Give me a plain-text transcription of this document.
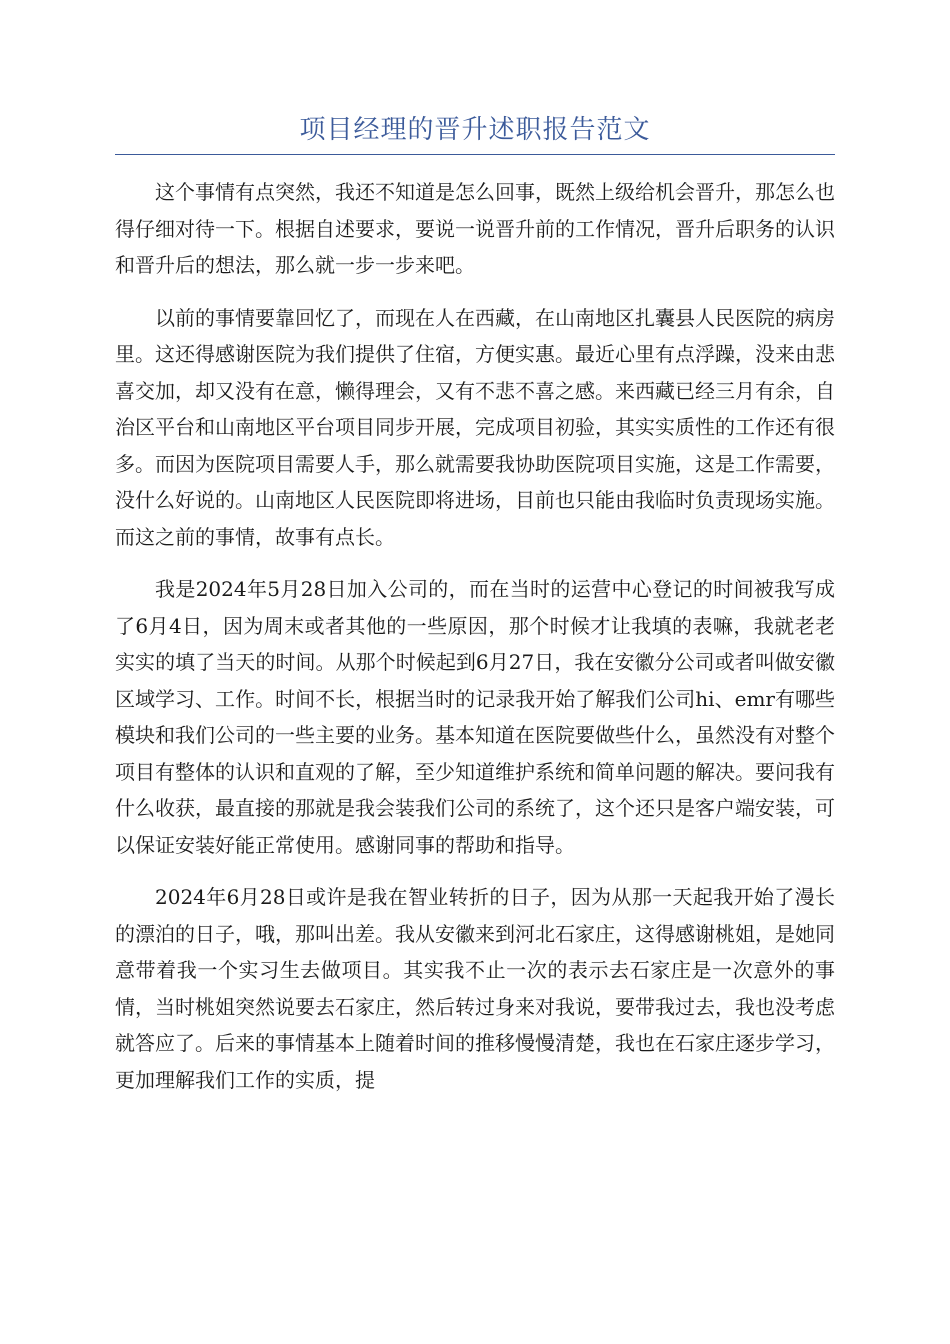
项目经理的晋升述职报告范文

这个事情有点突然，我还不知道是怎么回事，既然上级给机会晋升，那怎么也得仔细对待一下。根据自述要求，要说一说晋升前的工作情况，晋升后职务的认识和晋升后的想法，那么就一步一步来吧。

以前的事情要靠回忆了，而现在人在西藏，在山南地区扎囊县人民医院的病房里。这还得感谢医院为我们提供了住宿，方便实惠。最近心里有点浮躁，没来由悲喜交加，却又没有在意，懒得理会，又有不悲不喜之感。来西藏已经三月有余，自治区平台和山南地区平台项目同步开展，完成项目初验，其实实质性的工作还有很多。而因为医院项目需要人手，那么就需要我协助医院项目实施，这是工作需要，没什么好说的。山南地区人民医院即将进场，目前也只能由我临时负责现场实施。而这之前的事情，故事有点长。

我是2024年5月28日加入公司的，而在当时的运营中心登记的时间被我写成了6月4日，因为周末或者其他的一些原因，那个时候才让我填的表嘛，我就老老实实的填了当天的时间。从那个时候起到6月27日，我在安徽分公司或者叫做安徽区域学习、工作。时间不长，根据当时的记录我开始了解我们公司hi、emr有哪些模块和我们公司的一些主要的业务。基本知道在医院要做些什么，虽然没有对整个项目有整体的认识和直观的了解，至少知道维护系统和简单问题的解决。要问我有什么收获，最直接的那就是我会装我们公司的系统了，这个还只是客户端安装，可以保证安装好能正常使用。感谢同事的帮助和指导。

2024年6月28日或许是我在智业转折的日子，因为从那一天起我开始了漫长的漂泊的日子，哦，那叫出差。我从安徽来到河北石家庄，这得感谢桃姐，是她同意带着我一个实习生去做项目。其实我不止一次的表示去石家庄是一次意外的事情，当时桃姐突然说要去石家庄，然后转过身来对我说，要带我过去，我也没考虑就答应了。后来的事情基本上随着时间的推移慢慢清楚，我也在石家庄逐步学习，更加理解我们工作的实质，提
